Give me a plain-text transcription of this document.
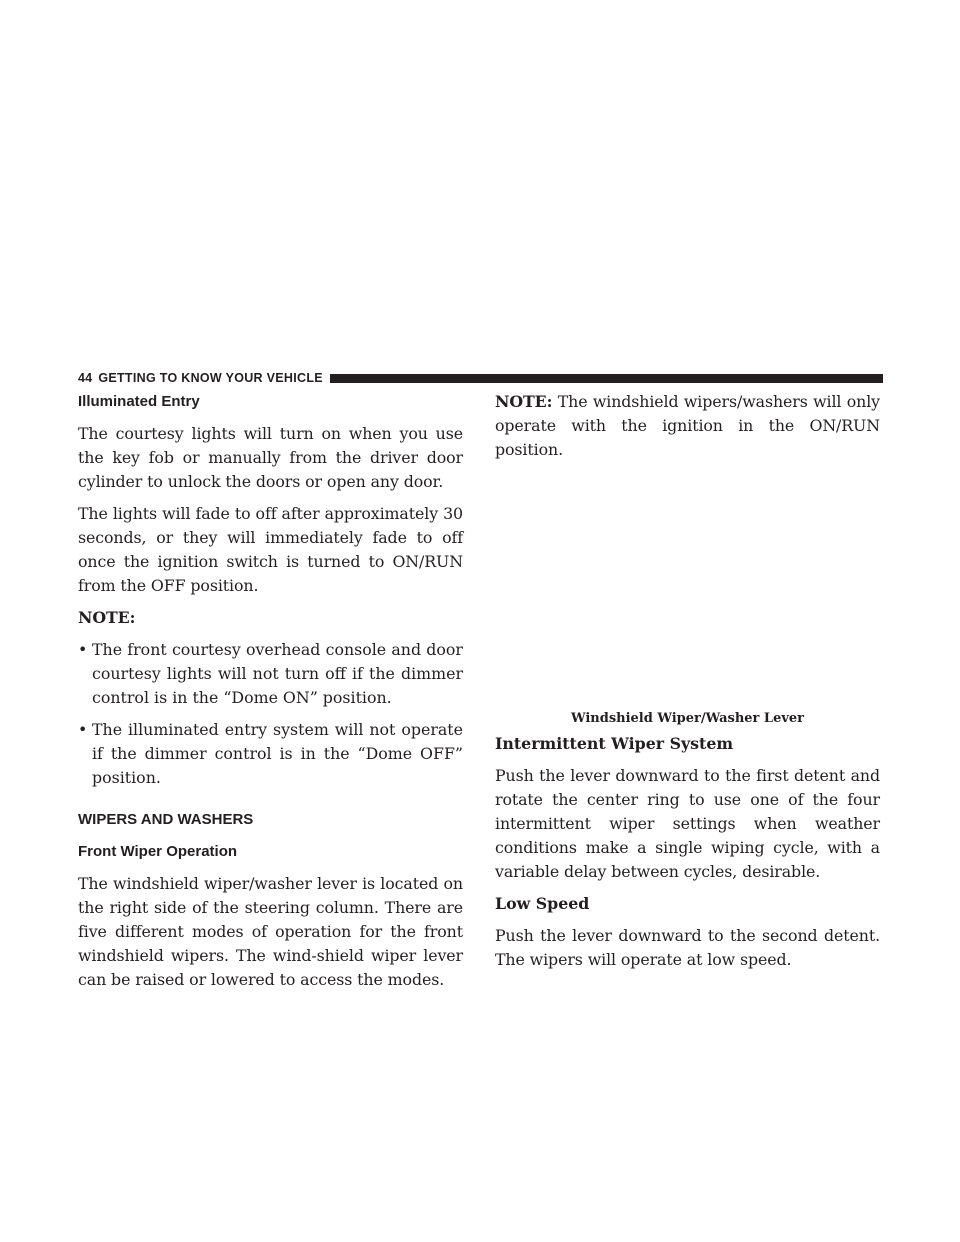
44 GETTING TO KNOW YOUR VEHICLE
Illuminated Entry

The courtesy lights will turn on when you use the key fob or manually from the driver door cylinder to unlock the doors or open any door.

The lights will fade to off after approximately 30 seconds, or they will immediately fade to off once the ignition switch is turned to ON/RUN from the OFF position.

NOTE:

• The front courtesy overhead console and door courtesy lights will not turn off if the dimmer control is in the “Dome ON” position.
• The illuminated entry system will not operate if the dimmer control is in the “Dome OFF” position.
WIPERS AND WASHERS
Front Wiper Operation

The windshield wiper/washer lever is located on the right side of the steering column. There are five different modes of operation for the front windshield wipers. The wind-shield wiper lever can be raised or lowered to access the modes.

NOTE: The windshield wipers/washers will only operate with the ignition in the ON/RUN position.

Windshield Wiper/Washer Lever
Intermittent Wiper System

Push the lever downward to the first detent and rotate the center ring to use one of the four intermittent wiper settings when weather conditions make a single wiping cycle, with a variable delay between cycles, desirable.

Low Speed

Push the lever downward to the second detent. The wipers will operate at low speed.
